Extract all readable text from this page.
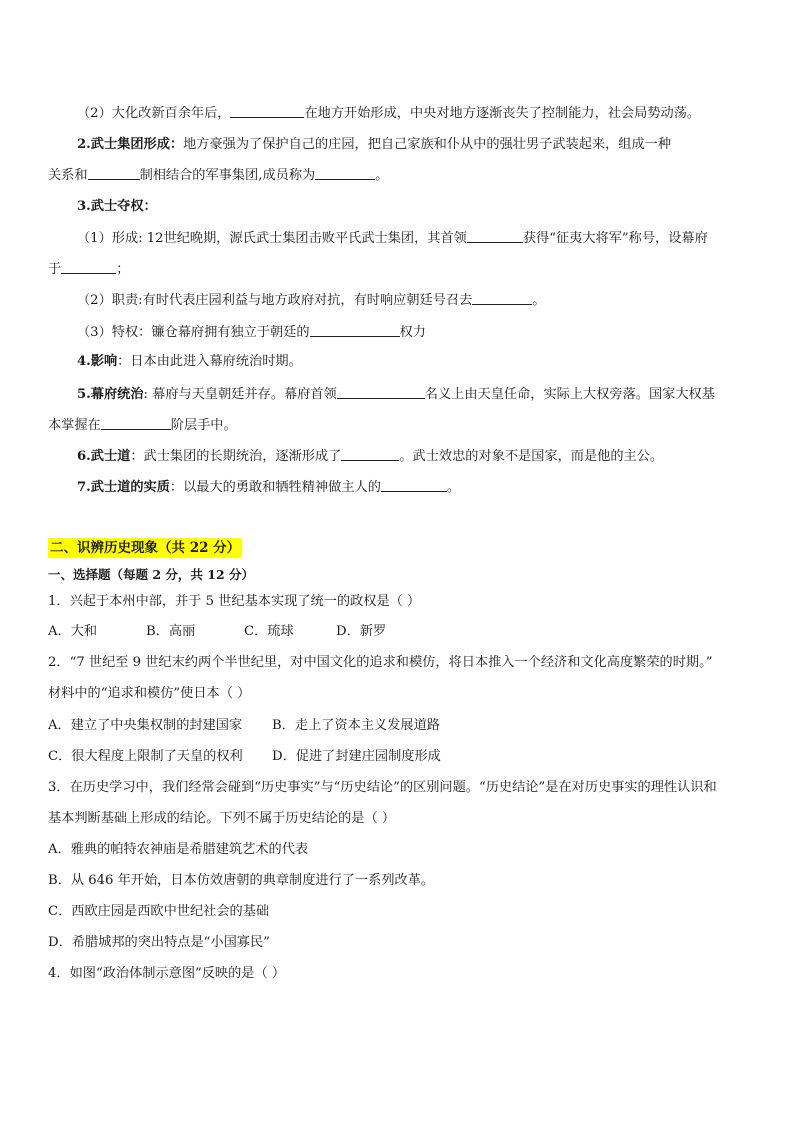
（2）大化改新百余年后，	在地方开始形成，中央对地方逐渐丧失了控制能力，社会局势动荡。
2.武士集团形成：地方豪强为了保护自己的庄园，把自己家族和仆从中的强壮男子武装起来，组成一种
关系和	制相结合的军事集团,成员称为	。
3.武士夺权：
（1）形成: 12世纪晚期，源氏武士集团击败平氏武士集团，其首领	获得“征夷大将军”称号，设幕府
于	；
（2）职责:有时代表庄园利益与地方政府对抗，有时响应朝廷号召去	。
（3）特权：镰仓幕府拥有独立于朝廷的	权力
4.影响：日本由此进入幕府统治时期。
5.幕府统治: 幕府与天皇朝廷并存。幕府首领	名义上由天皇任命，实际上大权旁落。国家大权基
本掌握在	阶层手中。
6.武士道：武士集团的长期统治，逐渐形成了	。武士效忠的对象不是国家，而是他的主公。
7.武士道的实质：以最大的勇敢和牺牲精神做主人的	。
二、识辨历史现象（共 22 分）
一、选择题（每题 2 分，共 12 分）
1．兴起于本州中部，并于 5 世纪基本实现了统一的政权是（ ）
A．大和	B．高丽	C．琉球	D．新罗
2．“7 世纪至 9 世纪末约两个半世纪里，对中国文化的追求和模仿，将日本推入一个经济和文化高度繁荣的时期。”
材料中的“追求和模仿”使日本（ ）
A．建立了中央集权制的封建国家 B．走上了资本主义发展道路
C．很大程度上限制了天皇的权利 D．促进了封建庄园制度形成
3．在历史学习中，我们经常会碰到“历史事实”与“历史结论”的区别问题。“历史结论”是在对历史事实的理性认识和
基本判断基础上形成的结论。下列不属于历史结论的是（ ）
A．雅典的帕特农神庙是希腊建筑艺术的代表
B．从 646 年开始，日本仿效唐朝的典章制度进行了一系列改革。
C．西欧庄园是西欧中世纪社会的基础
D．希腊城邦的突出特点是“小国寡民”
4．如图“政治体制示意图”反映的是（ ）
